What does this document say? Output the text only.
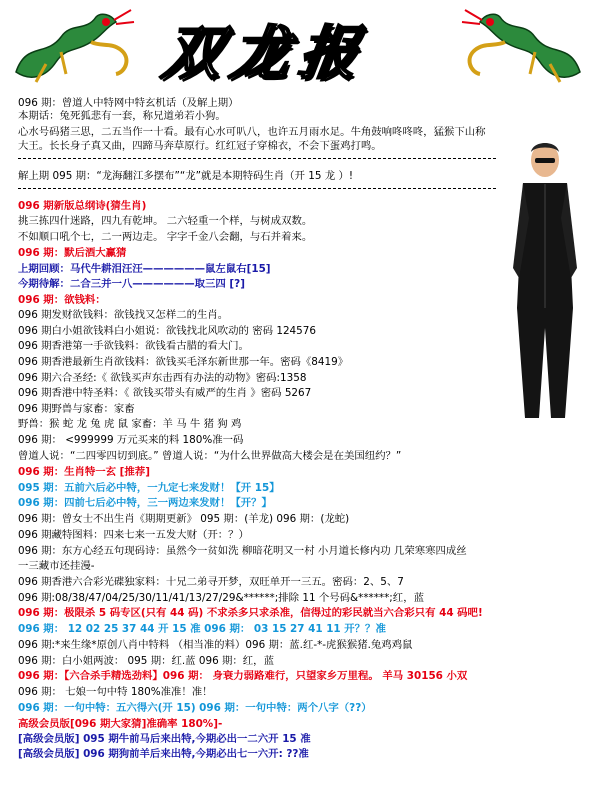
双龙报
096 期：曾道人中特网中特玄机话（及解上期）
本期话：兔死狐悲有一套，称兄道弟若小狗。
心水号码猪三思，二五当作一十看。最有心水可叭八，也许五月雨水足。牛角鼓响咚咚咚，猛猴下山称
大王。长长身子真又曲，四蹄马奔草原行。红红冠子穿棉衣，不会下蛋鸡打鸣。
解上期 095 期：“龙海翻江多摆布”“龙”就是本期特码生肖（开 15 龙 ）!
096 期新版总纲诗(猜生肖)
挑三拣四什迷路，四九有乾坤。 二六轻重一个样，与树成双数。
不如顺口吼个七，二一两边走。 字字千金八会翻，与石并着来。
096 期：默后酒大赢猜
上期回顾：马代牛耕泪汪汪——————鼠左鼠右[15]
今期待解：二合三并一八——————取三四 [?]
096 期：欲钱料：
096 期发财欲钱料：欲钱找又怎样二的生肖。
096 期白小姐欲钱料白小姐说：欲钱找北风吹动的 密码 124576
096 期香港第一手欲钱料：欲钱看古腊的看大门。
096 期香港最新生肖欲钱料：欲钱买毛泽东新世那一年。密码《8419》
096 期六合圣经:《 欲钱买声东击西有办法的动物》密码:1358
096 期香港中特圣料：《 欲钱买带头有威严的生肖 》密码 5267
096 期野兽与家畜：家畜
野兽：猴 蛇 龙 兔 虎 鼠 家畜：羊 马 牛 猪 狗 鸡
096 期： <999999 万元买来的料 180%准一码
曾道人说：“二四零四切到底。” 曾道人说：“为什么世界做高大楼会是在美国纽约？”
096 期：生肖特一玄 [推荐]
095 期：五前六后必中特，一九定七来发财！【开 15】
096 期：四前七后必中特，三一两边来发财！【开？】
096 期：曾女士不出生肖《期期更新》 095 期：(羊龙) 096 期：(龙蛇)
096 期藏特图料：四来七来一五发大财（开：？）
096 期：东方心经五句现码诗：虽然今一贫如洗 柳暗花明又一村 小月道长修内功 几荣寒寒四成丝
一三藏市还挂漫-
096 期香港六合彩光碟独家料：十兄二弟寻开梦，双旺单开一三五。密码：2、5、7
096 期:08/38/47/04/25/30/11/41/13/27/29&******;排除 11 个号码&******;红，蓝
096 期：极限杀 5 码专区(只有 44 码) 不求杀多只求杀准，信得过的彩民就当六合彩只有 44 码吧!
096 期： 12 02 25 37 44 开 15 准 096 期： 03 15 27 41 11 开？？准
096 期:*来生缘*原创八肖中特料 （相当准的料）096 期：蓝.红-*-虎猴猴猪.兔鸡鸡鼠
096 期：白小姐两波： 095 期：红.蓝 096 期：红，蓝
096 期：【六合杀手精选劲料】096 期： 身衰力弱路难行，只望家乡万里程。 羊马 30156 小双
096 期： 七娘一句中特 180%准准！准！
096 期：一句中特：五六得六(开 15) 096 期：一句中特：两个八字（??）
高级会员版[096 期大家猜]准确率 180%]-
[高级会员版] 095 期牛前马后来出特,今期必出一二六开 15 准
[高级会员版] 096 期狗前羊后来出特,今期必出七一六开: ??准
